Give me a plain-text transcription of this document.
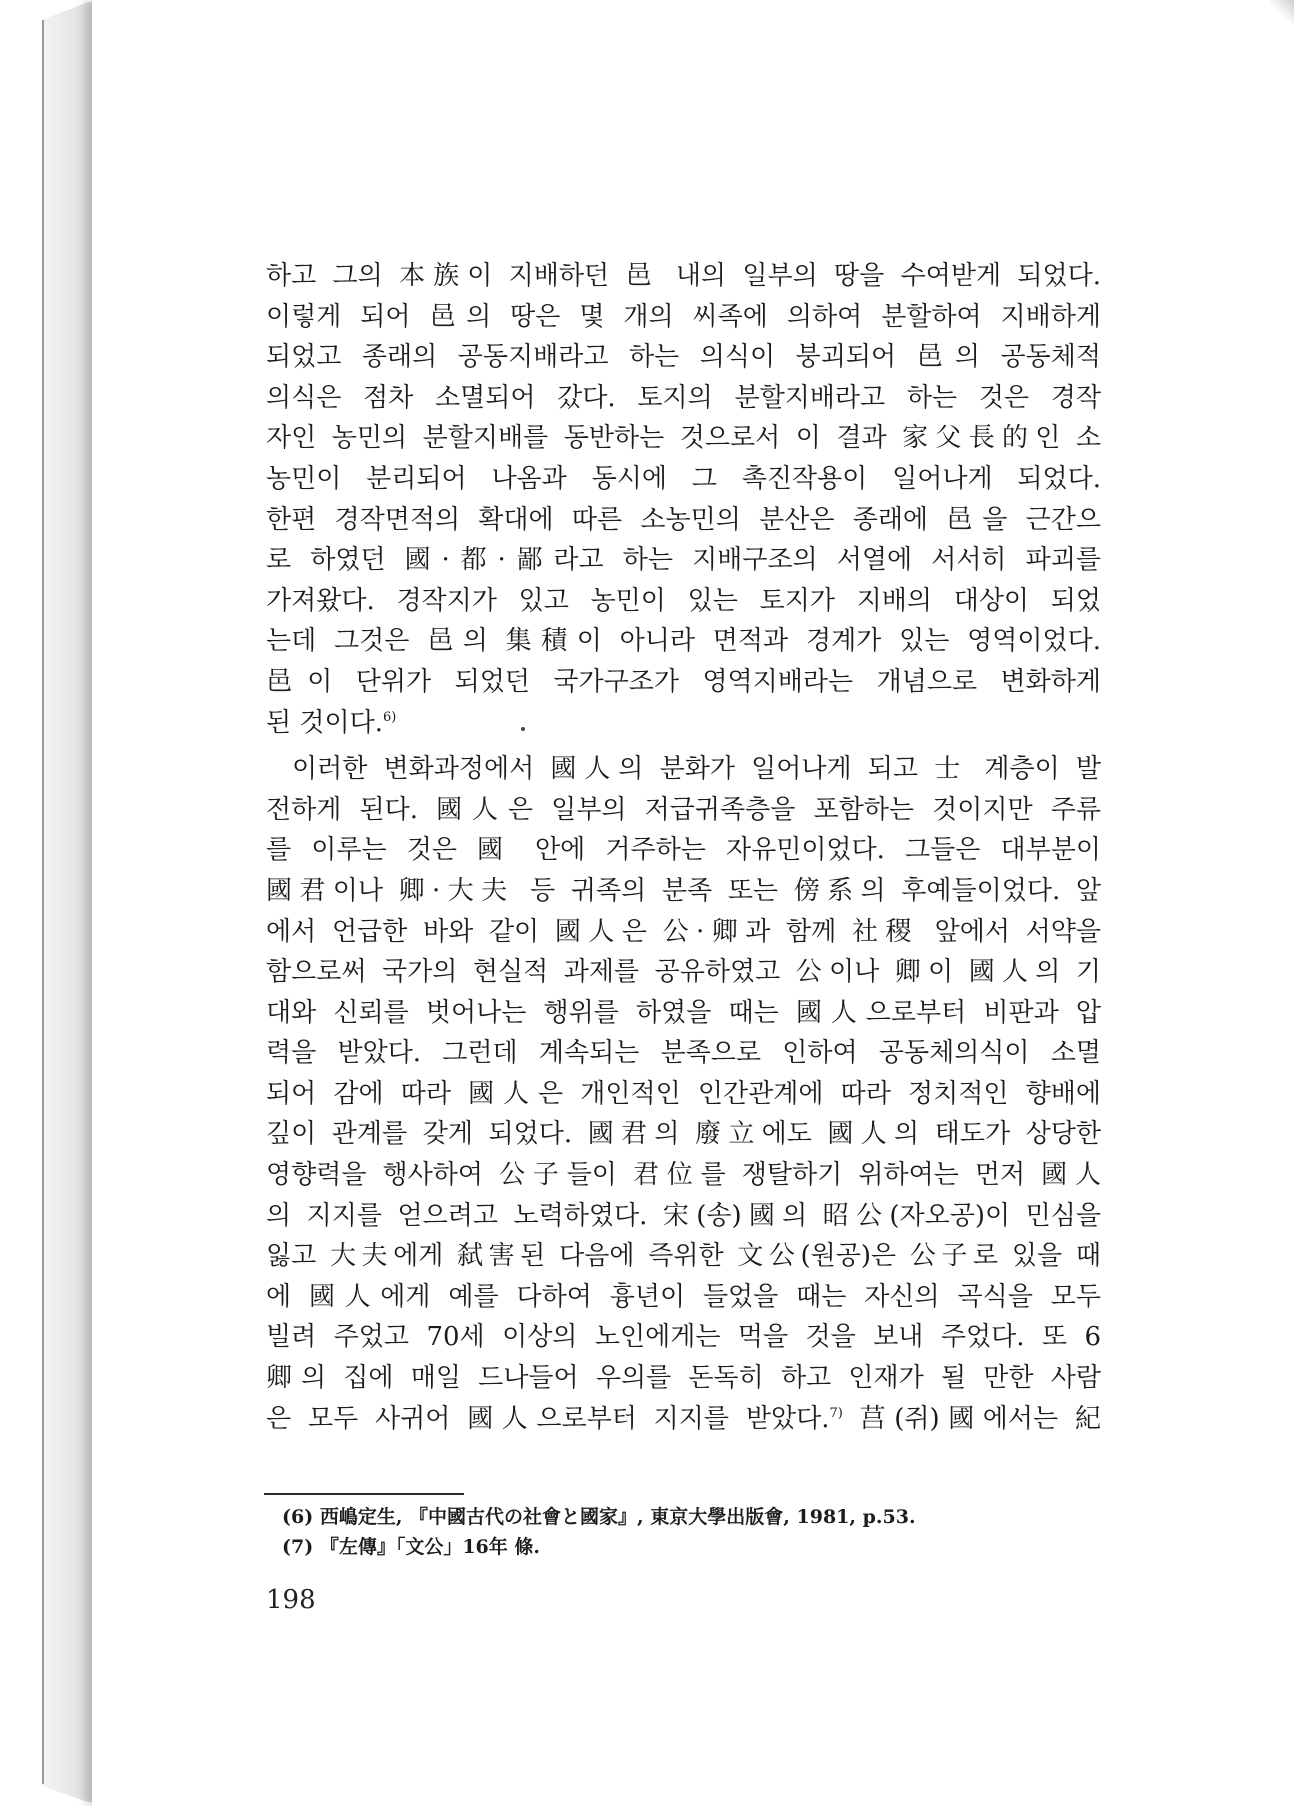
하고 그의 本族이 지배하던 邑 내의 일부의 땅을 수여받게 되었다.
이렇게 되어 邑의 땅은 몇 개의 씨족에 의하여 분할하여 지배하게
되었고 종래의 공동지배라고 하는 의식이 붕괴되어 邑의 공동체적
의식은 점차 소멸되어 갔다. 토지의 분할지배라고 하는 것은 경작
자인 농민의 분할지배를 동반하는 것으로서 이 결과 家父長的인 소
농민이 분리되어 나옴과 동시에 그 촉진작용이 일어나게 되었다.
한편 경작면적의 확대에 따른 소농민의 분산은 종래에 邑을 근간으
로 하였던 國·都·鄙라고 하는 지배구조의 서열에 서서히 파괴를
가져왔다. 경작지가 있고 농민이 있는 토지가 지배의 대상이 되었
는데 그것은 邑의 集積이 아니라 면적과 경계가 있는 영역이었다.
邑이 단위가 되었던 국가구조가 영역지배라는 개념으로 변화하게
된 것이다.$^{6)}$
이러한 변화과정에서 國人의 분화가 일어나게 되고 士 계층이 발
전하게 된다. 國人은 일부의 저급귀족층을 포함하는 것이지만 주류
를 이루는 것은 國 안에 거주하는 자유민이었다. 그들은 대부분이
國君이나 卿·大夫 등 귀족의 분족 또는 傍系의 후예들이었다. 앞
에서 언급한 바와 같이 國人은 公·卿과 함께 社稷 앞에서 서약을
함으로써 국가의 현실적 과제를 공유하였고 公이나 卿이 國人의 기
대와 신뢰를 벗어나는 행위를 하였을 때는 國人으로부터 비판과 압
력을 받았다. 그런데 계속되는 분족으로 인하여 공동체의식이 소멸
되어 감에 따라 國人은 개인적인 인간관계에 따라 정치적인 향배에
깊이 관계를 갖게 되었다. 國君의 廢立에도 國人의 태도가 상당한
영향력을 행사하여 公子들이 君位를 쟁탈하기 위하여는 먼저 國人
의 지지를 얻으려고 노력하였다. 宋(송)國의 昭公(자오공)이 민심을
잃고 大夫에게 弑害된 다음에 즉위한 文公(원공)은 公子로 있을 때
에 國人에게 예를 다하여 흉년이 들었을 때는 자신의 곡식을 모두
빌려 주었고 70세 이상의 노인에게는 먹을 것을 보내 주었다. 또 6
卿의 집에 매일 드나들어 우의를 돈독히 하고 인재가 될 만한 사람
은 모두 사귀어 國人으로부터 지지를 받았다.$^{7)}$ 莒(쥐)國에서는 紀
(6) 西嶋定生, 『中國古代の社會と國家』, 東京大學出版會, 1981, p.53.
(7) 『左傳』「文公」16年 條.
198
